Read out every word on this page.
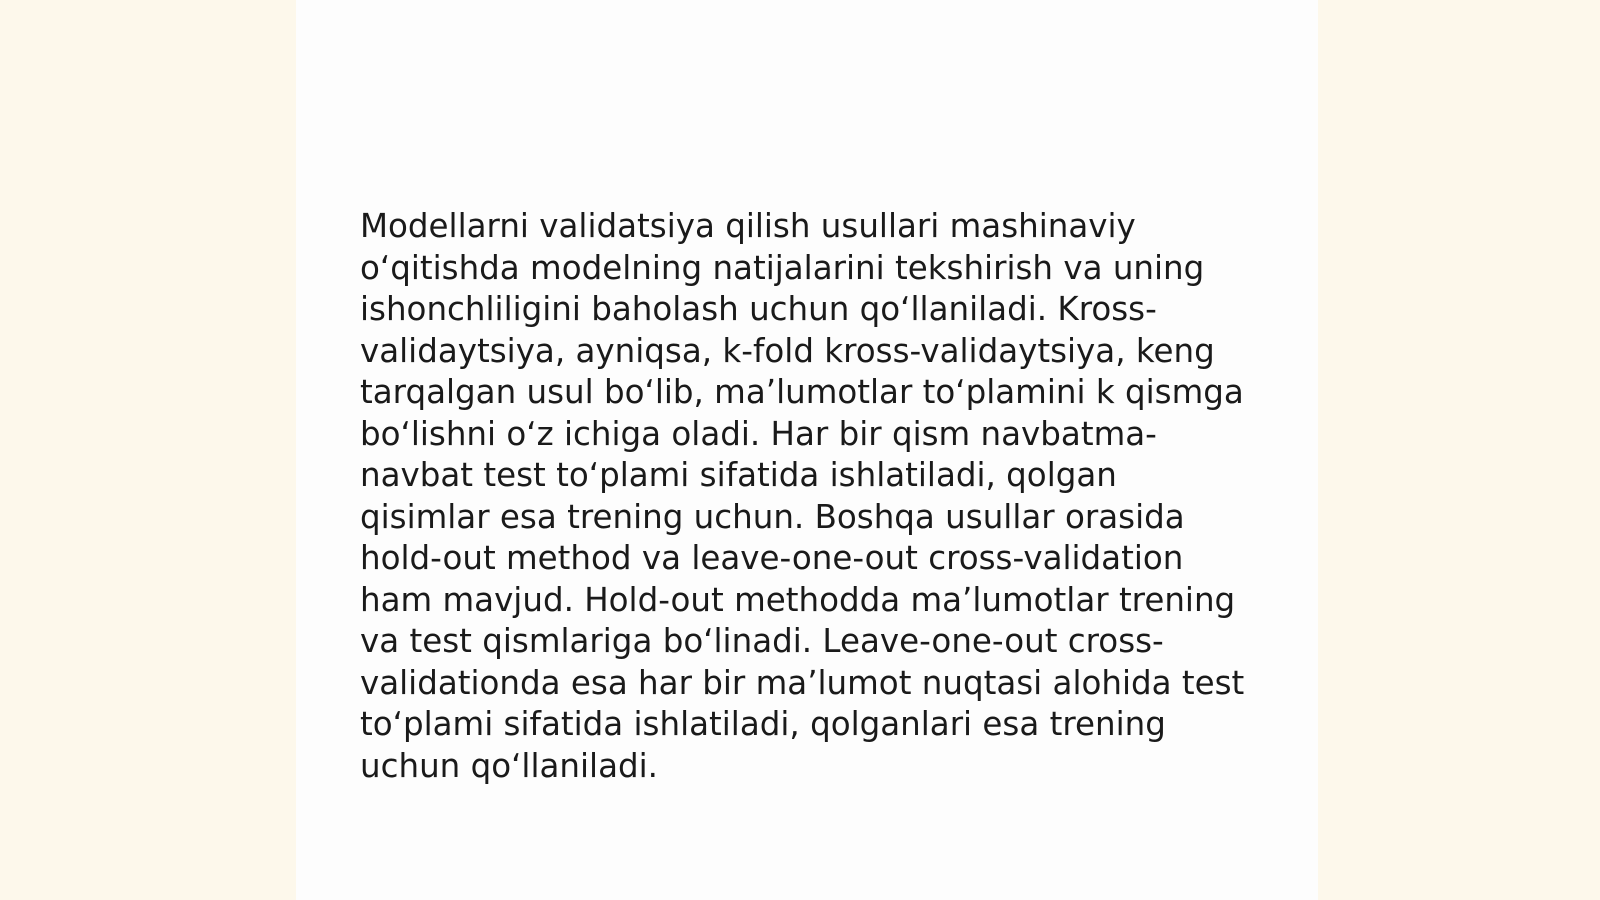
Modellarni validatsiya qilish usullari mashinaviy
o‘qitishda modelning natijalarini tekshirish va uning
ishonchliligini baholash uchun qo‘llaniladi. Kross-
validaytsiya, ayniqsa, k-fold kross-validaytsiya, keng
tarqalgan usul bo‘lib, ma’lumotlar to‘plamini k qismga
bo‘lishni o‘z ichiga oladi. Har bir qism navbatma-
navbat test to‘plami sifatida ishlatiladi, qolgan
qisimlar esa trening uchun. Boshqa usullar orasida
hold-out method va leave-one-out cross-validation
ham mavjud. Hold-out methodda ma’lumotlar trening
va test qismlariga bo‘linadi. Leave-one-out cross-
validationda esa har bir ma’lumot nuqtasi alohida test
to‘plami sifatida ishlatiladi, qolganlari esa trening
uchun qo‘llaniladi.
